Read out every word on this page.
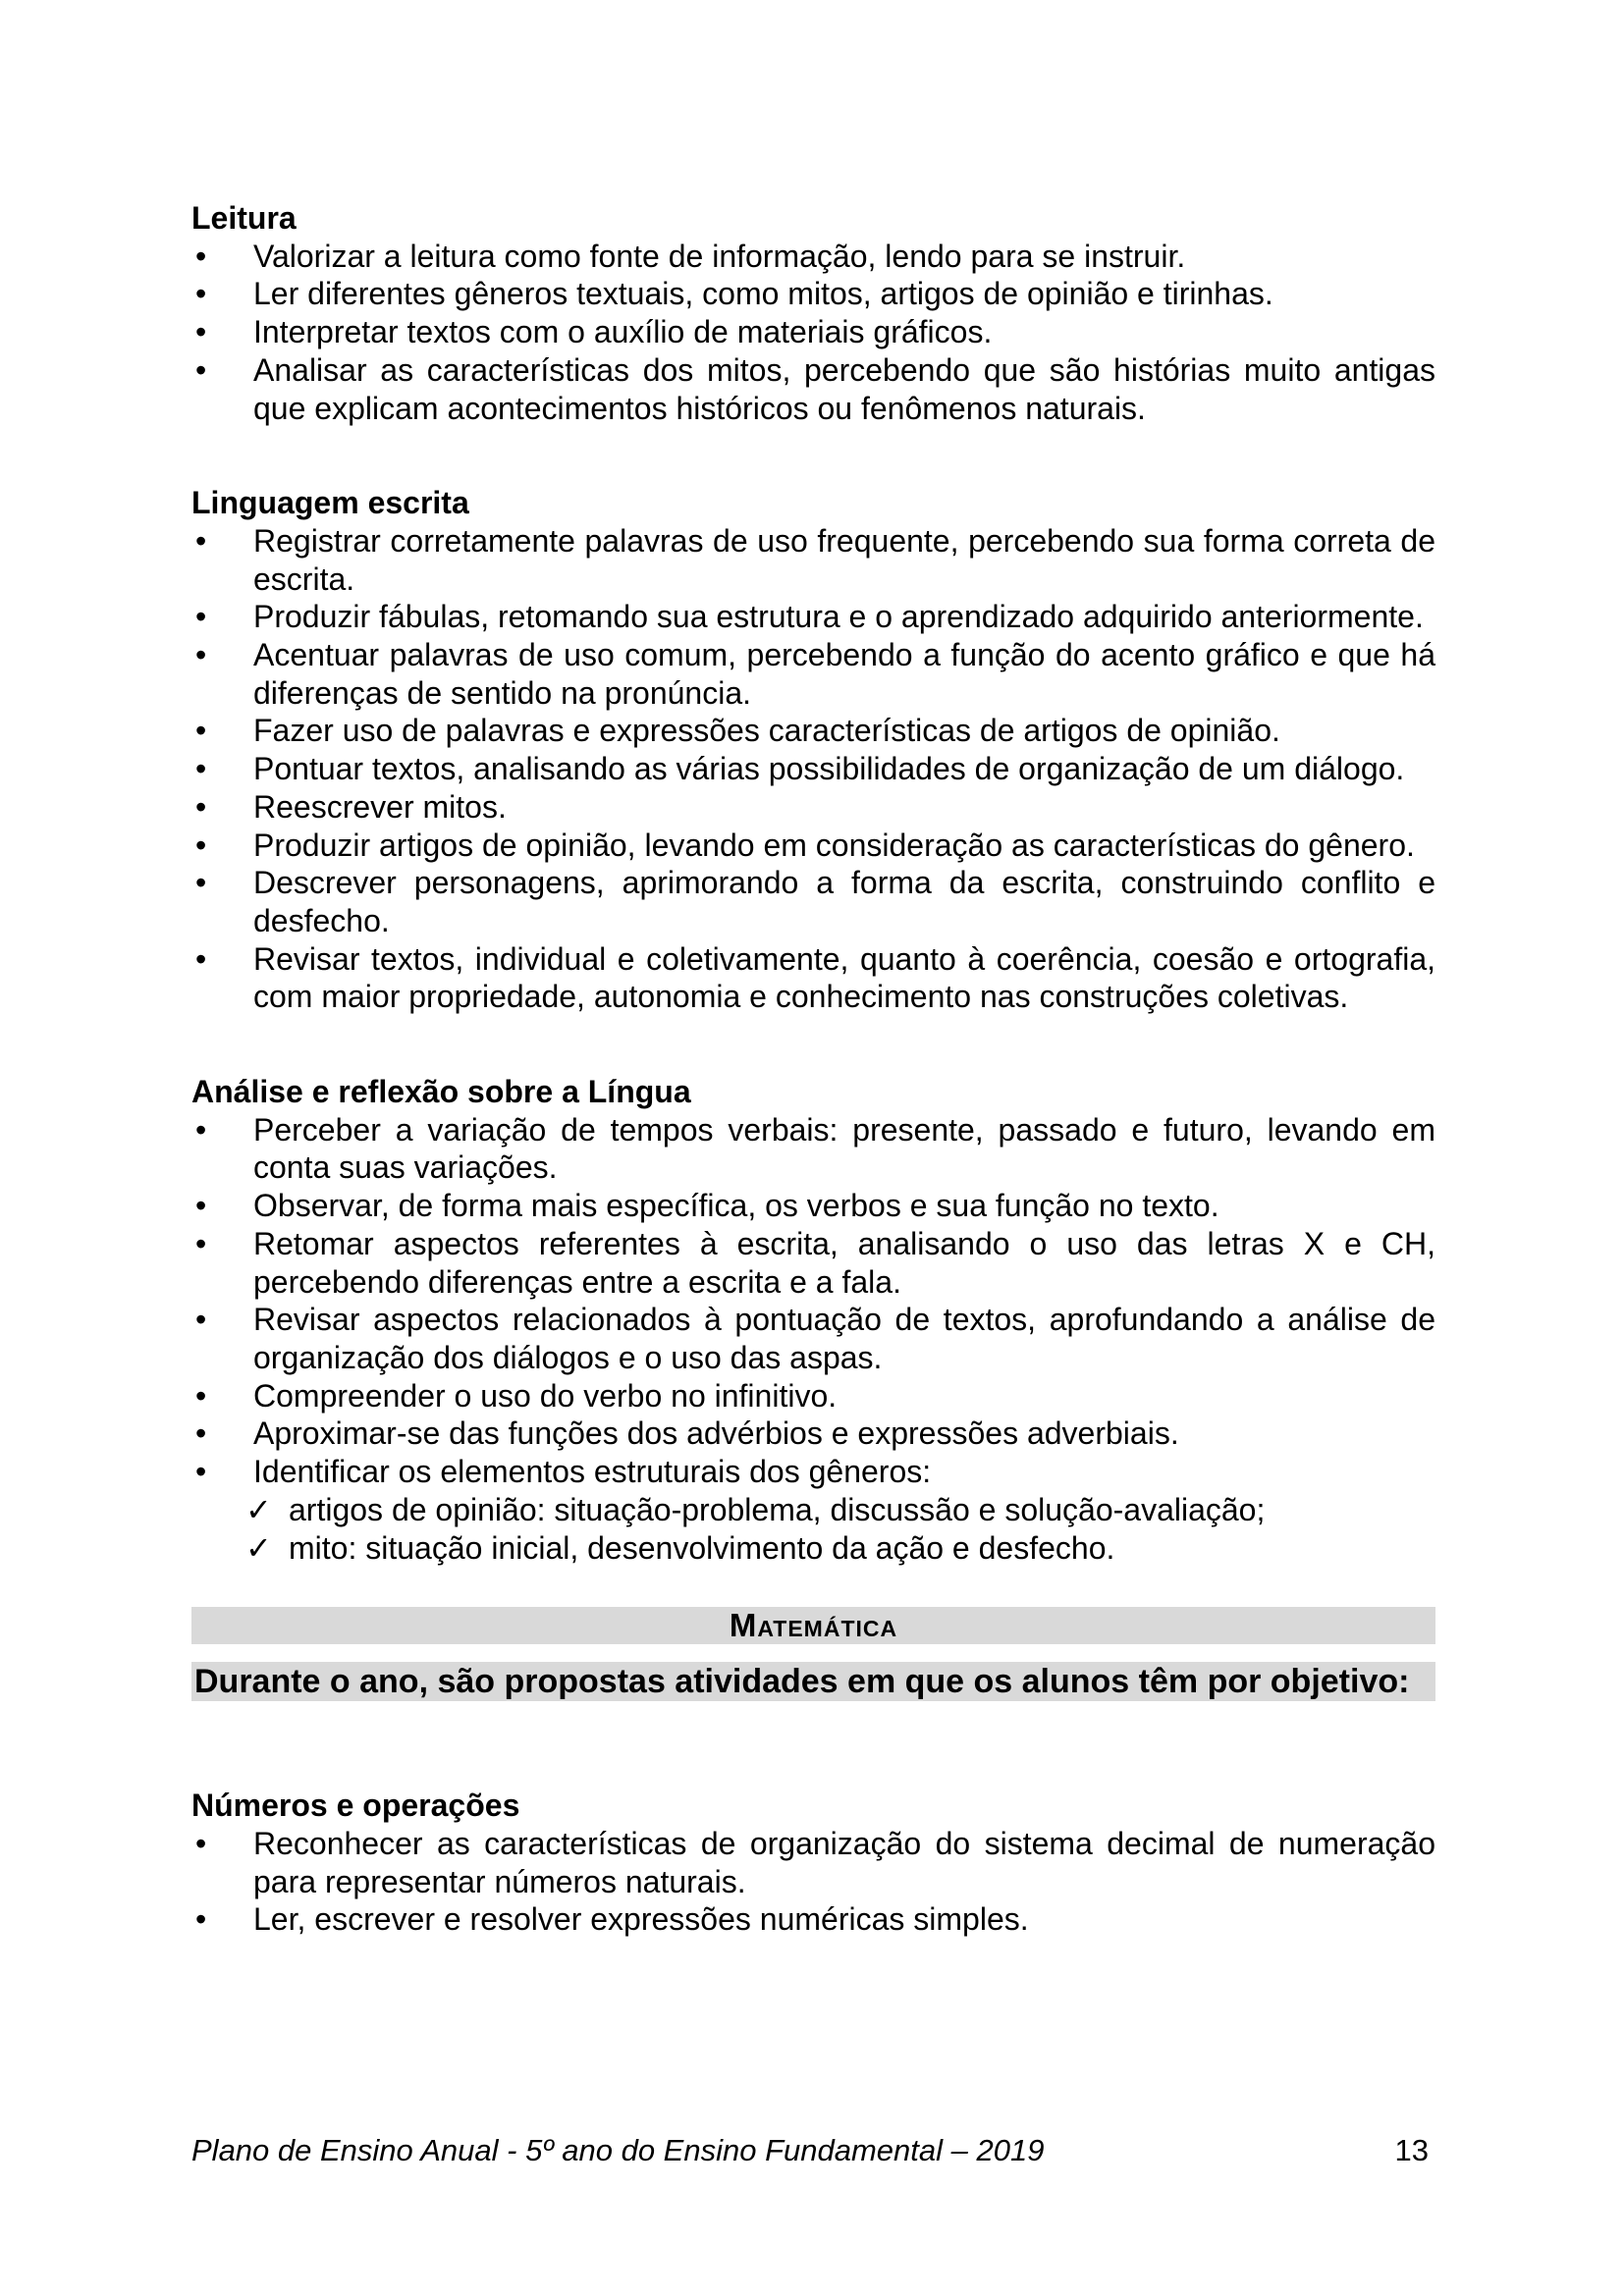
Leitura
•	Valorizar a leitura como fonte de informação, lendo para se instruir.
•	Ler diferentes gêneros textuais, como mitos, artigos de opinião e tirinhas.
•	Interpretar textos com o auxílio de materiais gráficos.
•	Analisar as características dos mitos, percebendo que são histórias muito antigas que explicam acontecimentos históricos ou fenômenos naturais.
Linguagem escrita
•	Registrar corretamente palavras de uso frequente, percebendo sua forma correta de escrita.
•	Produzir fábulas, retomando sua estrutura e o aprendizado adquirido anteriormente.
•	Acentuar palavras de uso comum, percebendo a função do acento gráfico e que há diferenças de sentido na pronúncia.
•	Fazer uso de palavras e expressões características de artigos de opinião.
•	Pontuar textos, analisando as várias possibilidades de organização de um diálogo.
•	Reescrever mitos.
•	Produzir artigos de opinião, levando em consideração as características do gênero.
•	Descrever personagens, aprimorando a forma da escrita, construindo conflito e desfecho.
•	Revisar textos, individual e coletivamente, quanto à coerência, coesão e ortografia, com maior propriedade, autonomia e conhecimento nas construções coletivas.
Análise e reflexão sobre a Língua
•	Perceber a variação de tempos verbais: presente, passado e futuro, levando em conta suas variações.
•	Observar, de forma mais específica, os verbos e sua função no texto.
•	Retomar aspectos referentes à escrita, analisando o uso das letras X e CH, percebendo diferenças entre a escrita e a fala.
•	Revisar aspectos relacionados à pontuação de textos, aprofundando a análise de organização dos diálogos e o uso das aspas.
•	Compreender o uso do verbo no infinitivo.
•	Aproximar-se das funções dos advérbios e expressões adverbiais.
•	Identificar os elementos estruturais dos gêneros:
✓ artigos de opinião: situação-problema, discussão e solução-avaliação;
✓ mito: situação inicial, desenvolvimento da ação e desfecho.
Matemática
Durante o ano, são propostas atividades em que os alunos têm por objetivo:
Números e operações
•	Reconhecer as características de organização do sistema decimal de numeração para representar números naturais.
•	Ler, escrever e resolver expressões numéricas simples.
Plano de Ensino Anual - 5º ano do Ensino Fundamental – 2019	13
